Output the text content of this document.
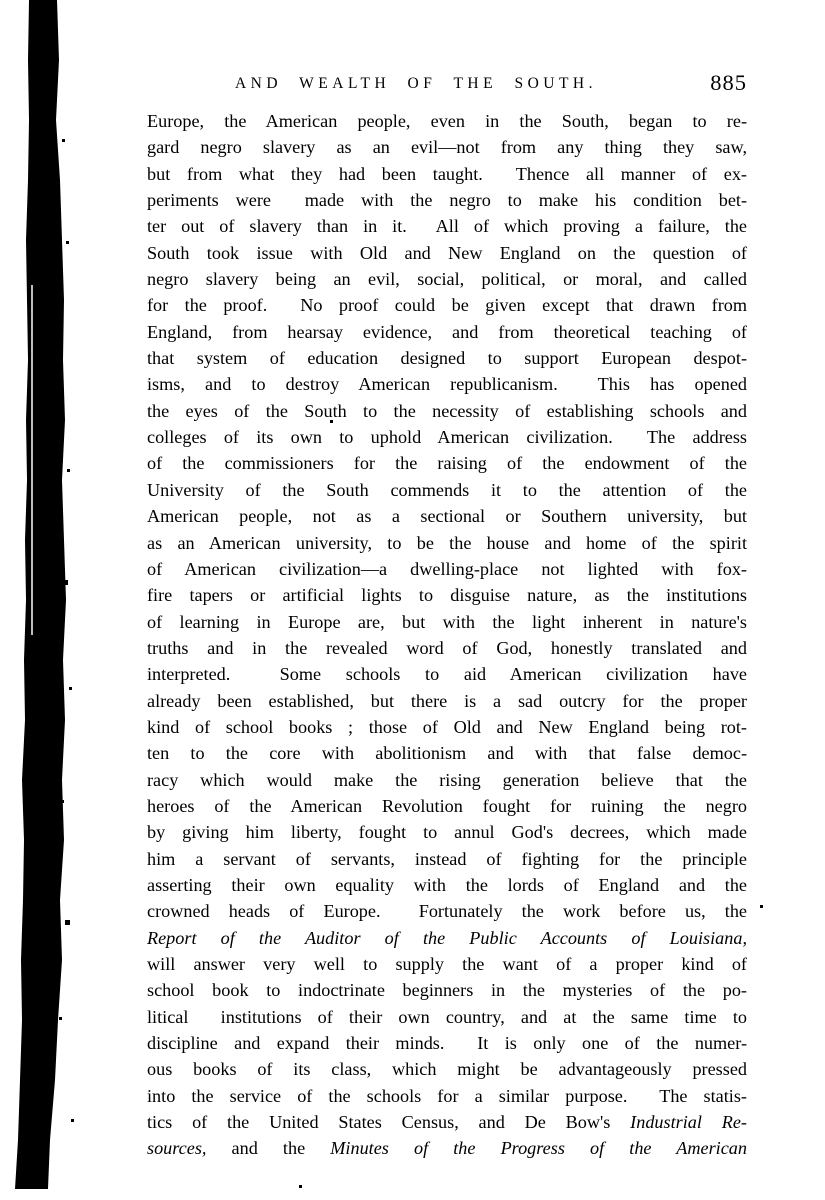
AND WEALTH OF THE SOUTH.	885
Europe, the American people, even in the South, began to re-
gard negro slavery as an evil—not from any thing they saw,
but from what they had been taught.  Thence all manner of ex-
periments were  made with the negro to make his condition bet-
ter out of slavery than in it.  All of which proving a failure, the
South took issue with Old and New England on the question of
negro slavery being an evil, social, political, or moral, and called
for the proof.  No proof could be given except that drawn from
England, from hearsay evidence, and from theoretical teaching of
that system of education designed to support European despot-
isms, and to destroy American republicanism.  This has opened
the eyes of the South to the necessity of establishing schools and
colleges of its own to uphold American civilization.  The address
of the commissioners for the raising of the endowment of the
University of the South commends it to the attention of the
American people, not as a sectional or Southern university, but
as an American university, to be the house and home of the spirit
of American civilization—a dwelling-place not lighted with fox-
fire tapers or artificial lights to disguise nature, as the institutions
of learning in Europe are, but with the light inherent in nature's
truths and in the revealed word of God, honestly translated and
interpreted.  Some schools to aid American civilization have
already been established, but there is a sad outcry for the proper
kind of school books ; those of Old and New England being rot-
ten to the core with abolitionism and with that false democ-
racy which would make the rising generation believe that the
heroes of the American Revolution fought for ruining the negro
by giving him liberty, fought to annul God's decrees, which made
him a servant of servants, instead of fighting for the principle
asserting their own equality with the lords of England and the
crowned heads of Europe.  Fortunately the work before us, the
Report of the Auditor of the Public Accounts of Louisiana,
will answer very well to supply the want of a proper kind of
school book to indoctrinate beginners in the mysteries of the po-
litical  institutions of their own country, and at the same time to
discipline and expand their minds.  It is only one of the numer-
ous books of its class, which might be advantageously pressed
into the service of the schools for a similar purpose.  The statis-
tics of the United States Census, and De Bow's Industrial Re-
sources, and the Minutes of the Progress of the American
